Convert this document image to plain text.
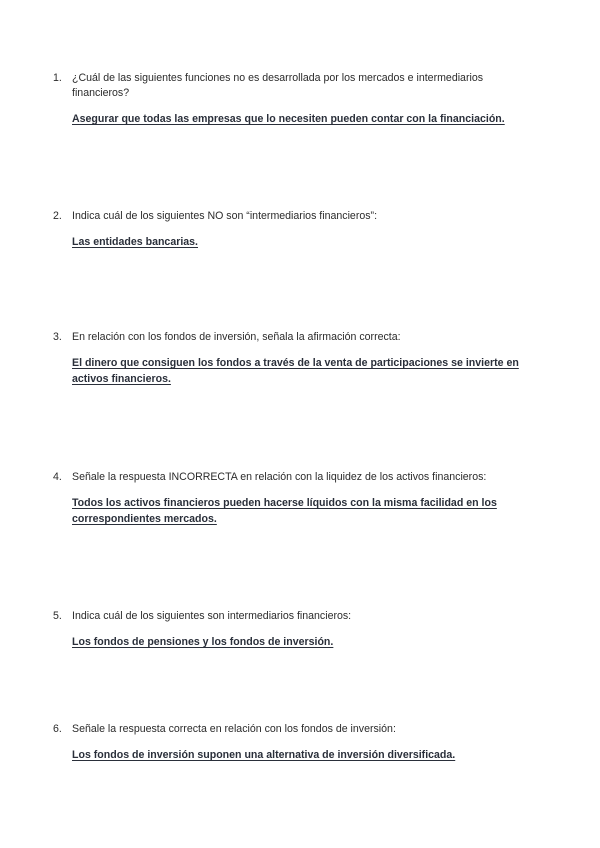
1. ¿Cuál de las siguientes funciones no es desarrollada por los mercados e intermediarios financieros?
Asegurar que todas las empresas que lo necesiten pueden contar con la financiación.
2. Indica cuál de los siguientes NO son “intermediarios financieros”:
Las entidades bancarias.
3. En relación con los fondos de inversión, señala la afirmación correcta:
El dinero que consiguen los fondos a través de la venta de participaciones se invierte en activos financieros.
4. Señale la respuesta INCORRECTA en relación con la liquidez de los activos financieros:
Todos los activos financieros pueden hacerse líquidos con la misma facilidad en los correspondientes mercados.
5. Indica cuál de los siguientes son intermediarios financieros:
Los fondos de pensiones y los fondos de inversión.
6. Señale la respuesta correcta en relación con los fondos de inversión:
Los fondos de inversión suponen una alternativa de inversión diversificada.
